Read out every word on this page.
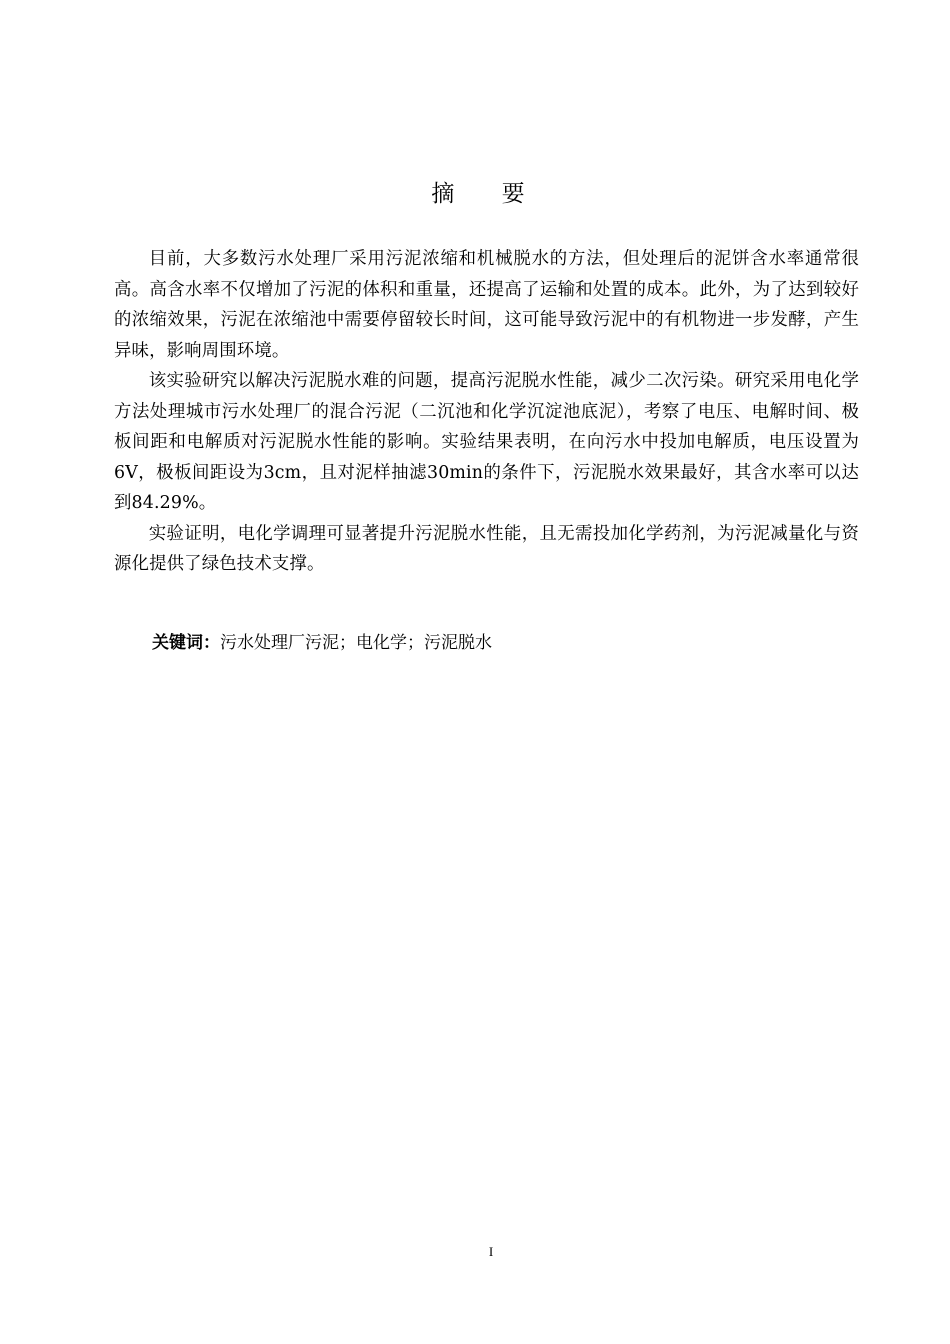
摘 要

目前，大多数污水处理厂采用污泥浓缩和机械脱水的方法，但处理后的泥饼含水率通常很高。高含水率不仅增加了污泥的体积和重量，还提高了运输和处置的成本。此外，为了达到较好的浓缩效果，污泥在浓缩池中需要停留较长时间，这可能导致污泥中的有机物进一步发酵，产生异味，影响周围环境。

该实验研究以解决污泥脱水难的问题，提高污泥脱水性能，减少二次污染。研究采用电化学方法处理城市污水处理厂的混合污泥（二沉池和化学沉淀池底泥），考察了电压、电解时间、极板间距和电解质对污泥脱水性能的影响。实验结果表明，在向污水中投加电解质，电压设置为6V，极板间距设为3cm，且对泥样抽滤30min的条件下，污泥脱水效果最好，其含水率可以达到84.29%。

实验证明，电化学调理可显著提升污泥脱水性能，且无需投加化学药剂，为污泥减量化与资源化提供了绿色技术支撑。

关键词：污水处理厂污泥；电化学；污泥脱水
I
